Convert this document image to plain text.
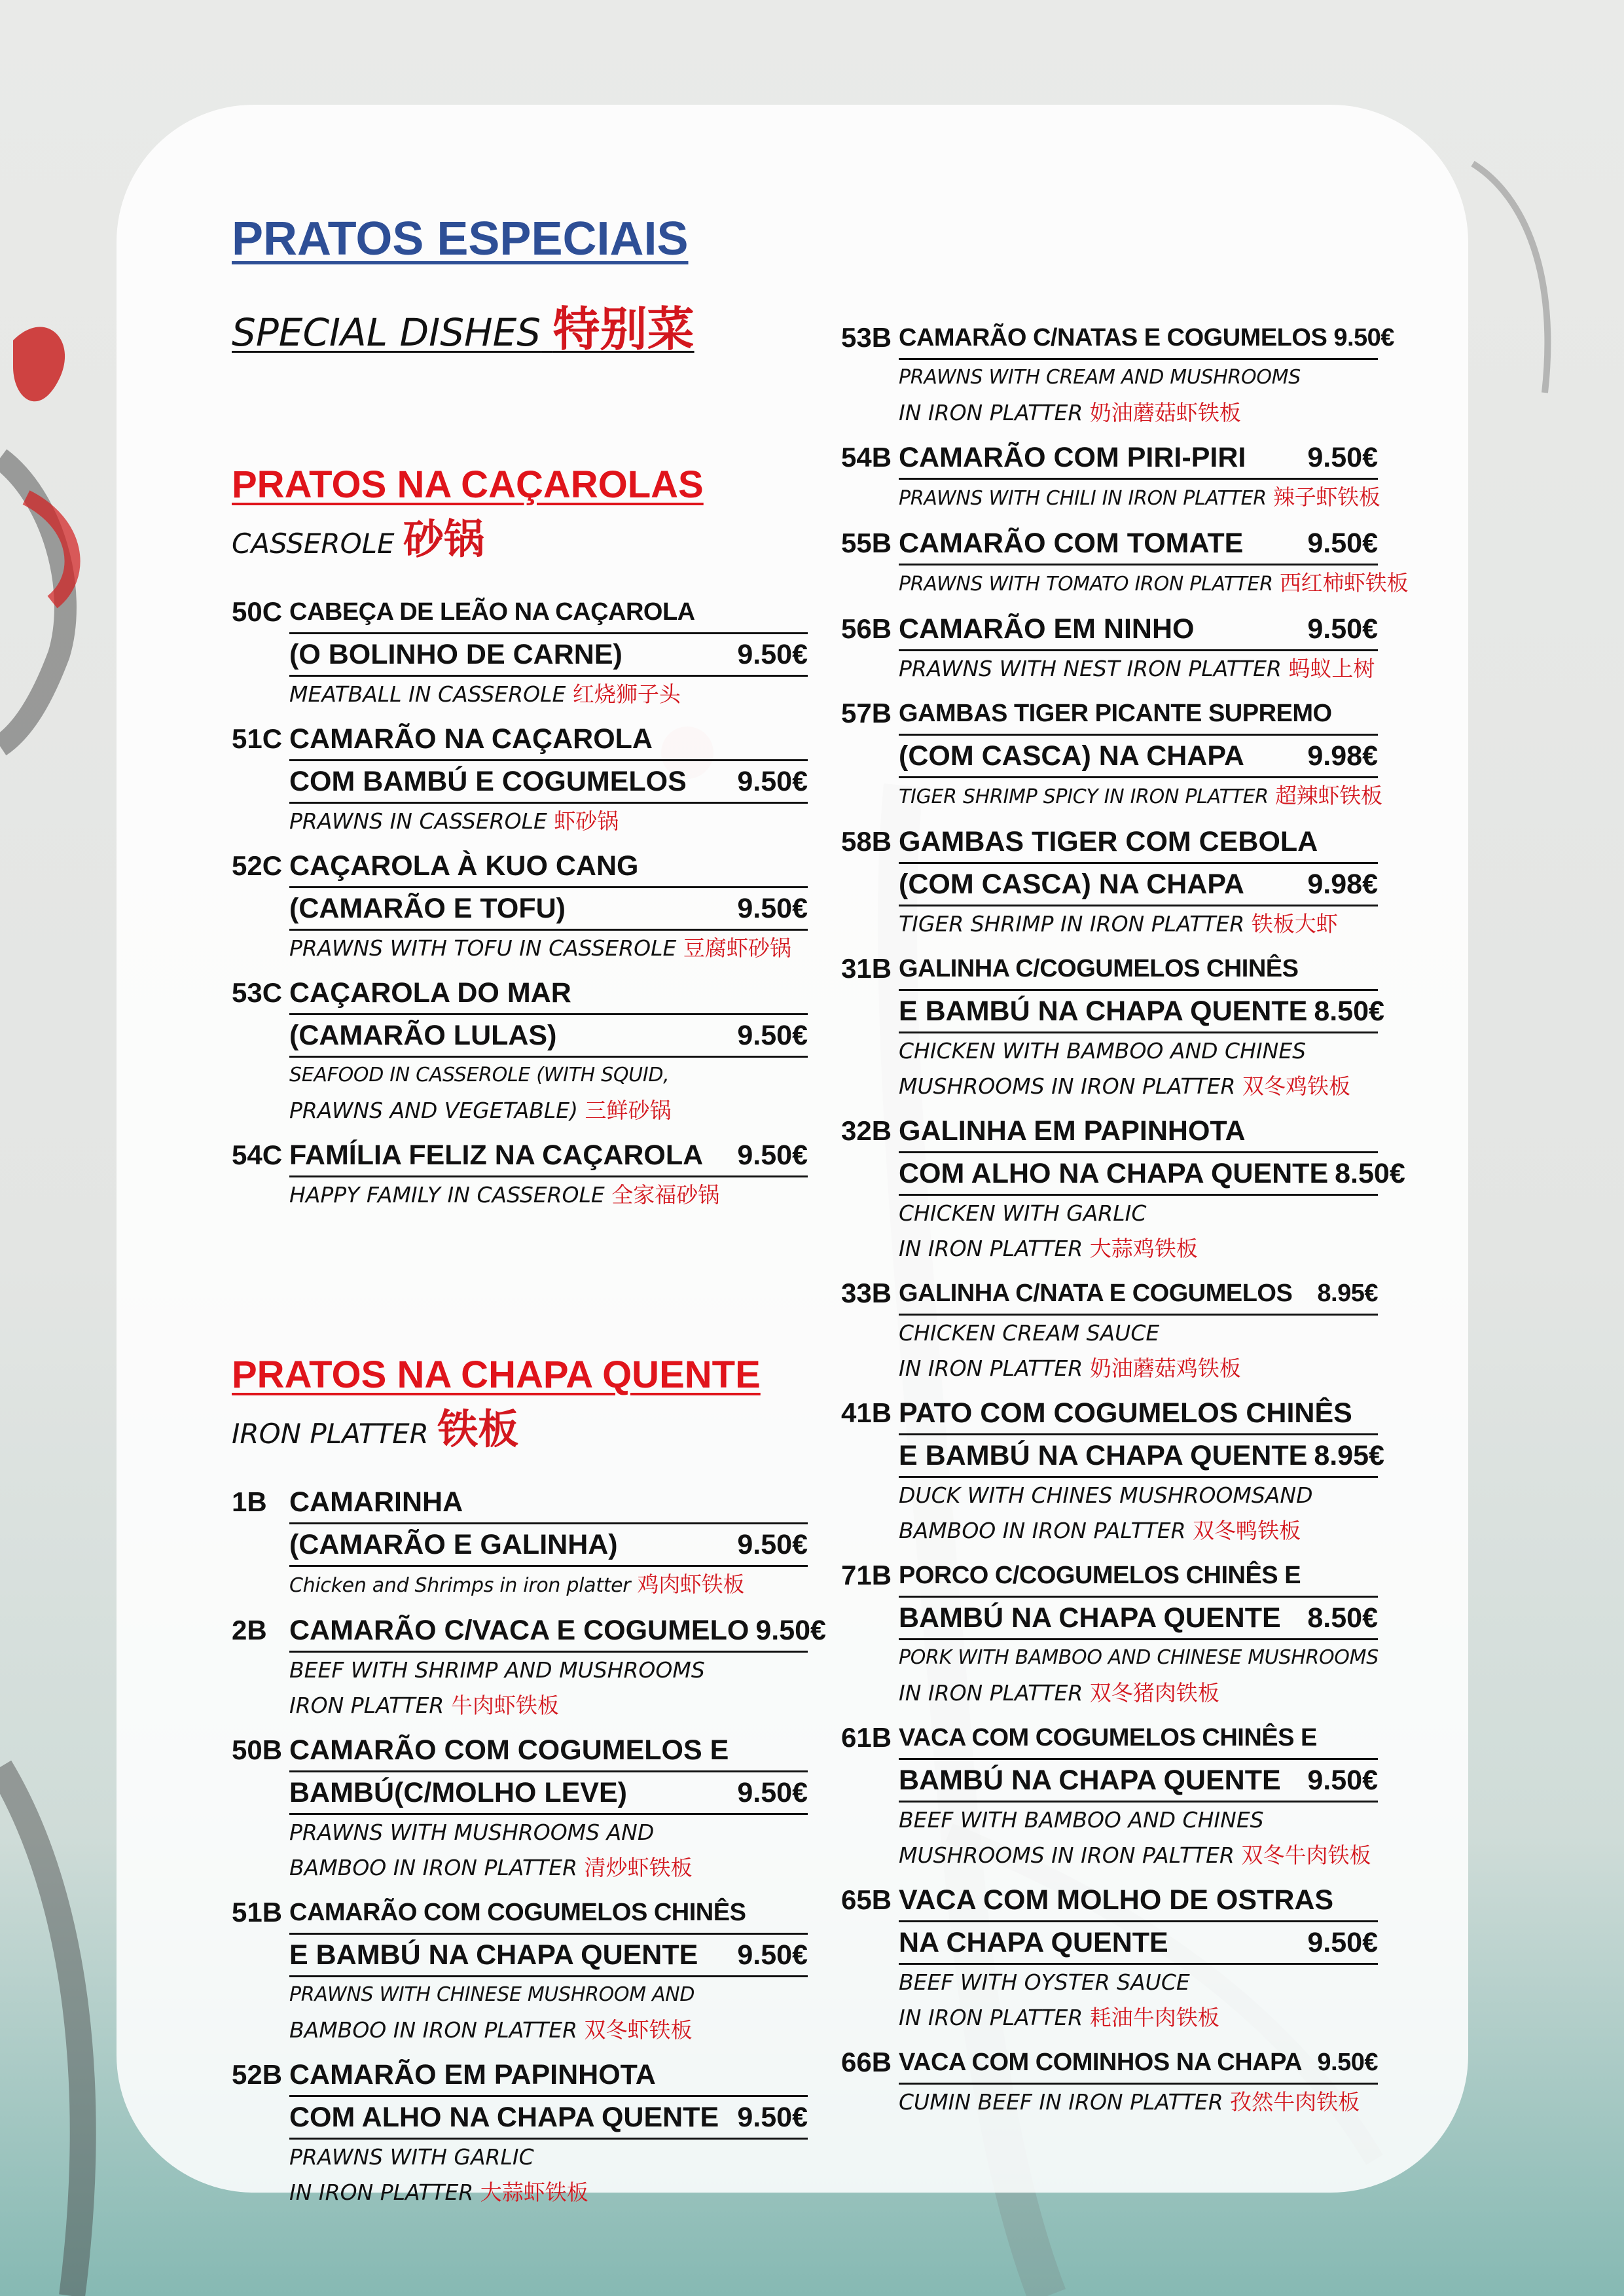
PRATOS ESPECIAIS
SPECIAL DISHES 特别菜
PRATOS NA CAÇAROLAS
CASSEROLE 砂锅
50C CABEÇA DE LEÃO NA CAÇAROLA
(O BOLINHO DE CARNE)	9.50€
MEATBALL IN CASSEROLE 红烧狮子头
51C CAMARÃO NA CAÇAROLA
COM BAMBÚ E COGUMELOS 9.50€
PRAWNS IN CASSEROLE 虾砂锅
52C CAÇAROLA À KUO CANG
(CAMARÃO E TOFU)	9.50€
PRAWNS WITH TOFU IN CASSEROLE 豆腐虾砂锅
53C CAÇAROLA DO MAR
(CAMARÃO LULAS)	9.50€
SEAFOOD IN CASSEROLE (WITH SQUID,
PRAWNS AND VEGETABLE) 三鲜砂锅
54C FAMÍLIA FELIZ NA CAÇAROLA 9.50€
HAPPY FAMILY IN CASSEROLE 全家福砂锅
PRATOS NA CHAPA QUENTE
IRON PLATTER 铁板
1B CAMARINHA
(CAMARÃO E GALINHA)	9.50€
Chicken and Shrimps in iron platter 鸡肉虾铁板
2B CAMARÃO C/VACA E COGUMELO 9.50€
BEEF WITH SHRIMP AND MUSHROOMS
IRON PLATTER 牛肉虾铁板
50B CAMARÃO COM COGUMELOS E
BAMBÚ(C/MOLHO LEVE)	9.50€
PRAWNS WITH MUSHROOMS AND
BAMBOO IN IRON PLATTER 清炒虾铁板
51B CAMARÃO COM COGUMELOS CHINÊS
E BAMBÚ NA CHAPA QUENTE 9.50€
PRAWNS WITH CHINESE MUSHROOM AND
BAMBOO IN IRON PLATTER 双冬虾铁板
52B CAMARÃO EM PAPINHOTA
COM ALHO NA CHAPA QUENTE 9.50€
PRAWNS WITH GARLIC
IN IRON PLATTER 大蒜虾铁板
53B CAMARÃO C/NATAS E COGUMELOS 9.50€
PRAWNS WITH CREAM AND MUSHROOMS
IN IRON PLATTER 奶油蘑菇虾铁板
54B CAMARÃO COM PIRI-PIRI 9.50€
PRAWNS WITH CHILI IN IRON PLATTER 辣子虾铁板
55B CAMARÃO COM TOMATE 9.50€
PRAWNS WITH TOMATO IRON PLATTER 西红柿虾铁板
56B CAMARÃO EM NINHO	9.50€
PRAWNS WITH NEST IRON PLATTER 蚂蚁上树
57B GAMBAS TIGER PICANTE SUPREMO
(COM CASCA) NA CHAPA 9.98€
TIGER SHRIMP SPICY IN IRON PLATTER 超辣虾铁板
58B GAMBAS TIGER COM CEBOLA
(COM CASCA) NA CHAPA 9.98€
TIGER SHRIMP IN IRON PLATTER 铁板大虾
31B GALINHA C/COGUMELOS CHINÊS
E BAMBÚ NA CHAPA QUENTE 8.50€
CHICKEN WITH BAMBOO AND CHINES
MUSHROOMS IN IRON PLATTER 双冬鸡铁板
32B GALINHA EM PAPINHOTA
COM ALHO NA CHAPA QUENTE 8.50€
CHICKEN WITH GARLIC
IN IRON PLATTER 大蒜鸡铁板
33B GALINHA C/NATA E COGUMELOS 8.95€
CHICKEN CREAM SAUCE
IN IRON PLATTER 奶油蘑菇鸡铁板
41B PATO COM COGUMELOS CHINÊS
E BAMBÚ NA CHAPA QUENTE 8.95€
DUCK WITH CHINES MUSHROOMSAND
BAMBOO IN IRON PALTTER 双冬鸭铁板
71B PORCO C/COGUMELOS CHINÊS E
BAMBÚ NA CHAPA QUENTE 8.50€
PORK WITH BAMBOO AND CHINESE MUSHROOMS
IN IRON PLATTER 双冬猪肉铁板
61B VACA COM COGUMELOS CHINÊS E
BAMBÚ NA CHAPA QUENTE 9.50€
BEEF WITH BAMBOO AND CHINES
MUSHROOMS IN IRON PALTTER 双冬牛肉铁板
65B VACA COM MOLHO DE OSTRAS
NA CHAPA QUENTE	9.50€
BEEF WITH OYSTER SAUCE
IN IRON PLATTER 耗油牛肉铁板
66B VACA COM COMINHOS NA CHAPA 9.50€
CUMIN BEEF IN IRON PLATTER 孜然牛肉铁板
